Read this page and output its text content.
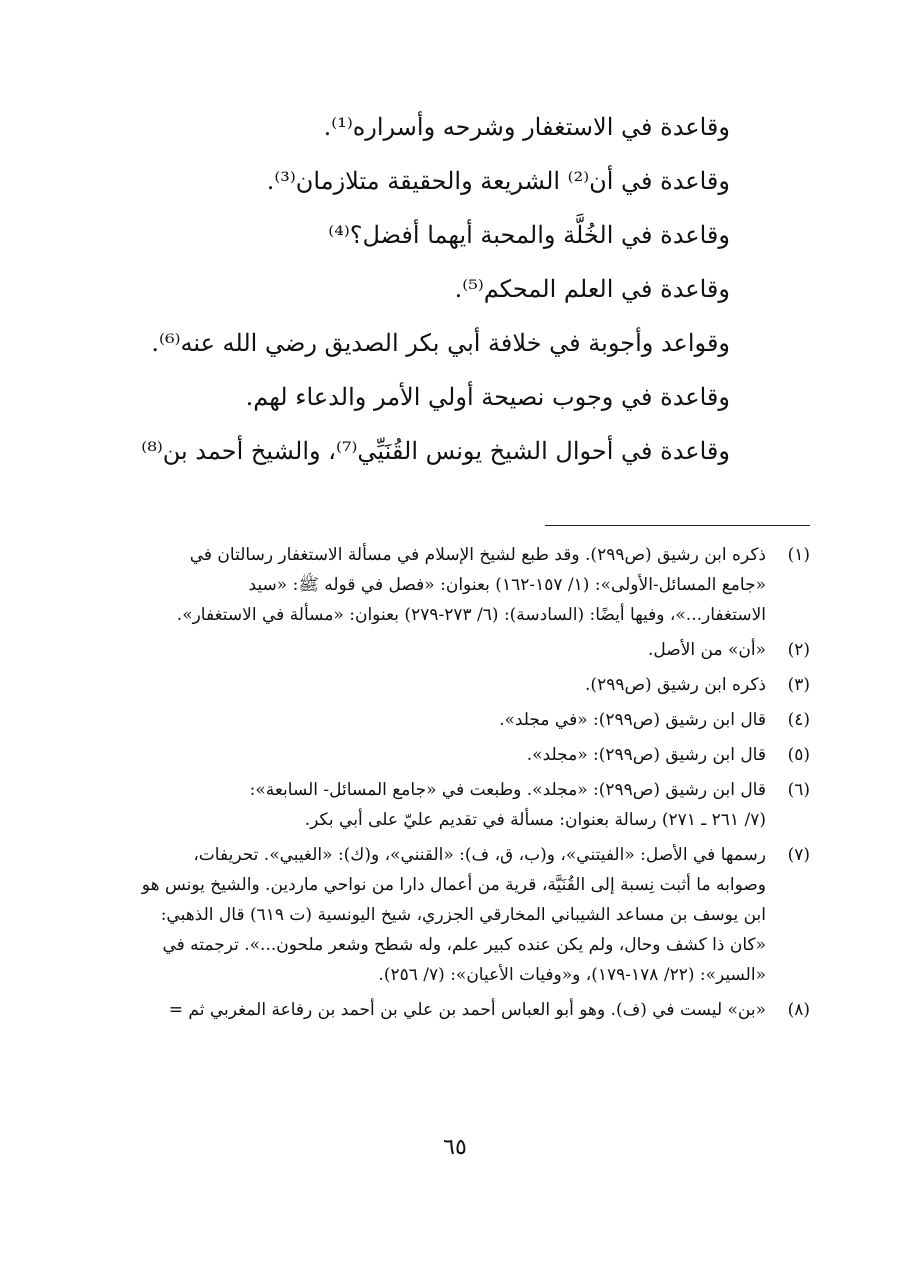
وقاعدة في الاستغفار وشرحه وأسراره⁽¹⁾.
وقاعدة في أن⁽²⁾ الشريعة والحقيقة متلازمان⁽³⁾.
وقاعدة في الخُلَّة والمحبة أيهما أفضل؟⁽⁴⁾
وقاعدة في العلم المحكم⁽⁵⁾.
وقواعد وأجوبة في خلافة أبي بكر الصديق رضي الله عنه⁽⁶⁾.
وقاعدة في وجوب نصيحة أولي الأمر والدعاء لهم.
وقاعدة في أحوال الشيخ يونس القُنَيِّي⁽⁷⁾، والشيخ أحمد بن⁽⁸⁾
(١)
ذكره ابن رشيق (ص٢٩٩). وقد طبع لشيخ الإسلام في مسألة الاستغفار رسالتان في
«جامع المسائل-الأولى»: (١/ ١٥٧-١٦٢) بعنوان: «فصل في قوله ﷺ: «سيد
الاستغفار...»، وفيها أيضًا: (السادسة): (٦/ ٢٧٣-٢٧٩) بعنوان: «مسألة في الاستغفار».
(٢)
«أن» من الأصل.
(٣)
ذكره ابن رشيق (ص٢٩٩).
(٤)
قال ابن رشيق (ص٢٩٩): «في مجلد».
(٥)
قال ابن رشيق (ص٢٩٩): «مجلد».
(٦)
قال ابن رشيق (ص٢٩٩): «مجلد». وطبعت في «جامع المسائل- السابعة»:
(٧/ ٢٦١ ـ ٢٧١) رسالة بعنوان: مسألة في تقديم عليّ على أبي بكر.
(٧)
رسمها في الأصل: «الفيتني»، و(ب، ق، ف): «القنني»، و(ك): «الغيبي». تحريفات،
وصوابه ما أثبت نِسبة إلى القُنَيَّة، قرية من أعمال دارا من نواحي ماردين. والشيخ يونس هو
ابن يوسف بن مساعد الشيباني المخارقي الجزري، شيخ اليونسية (ت ٦١٩) قال الذهبي:
«كان ذا كشف وحال، ولم يكن عنده كبير علم، وله شطح وشعر ملحون...». ترجمته في
«السير»: (٢٢/ ١٧٨-١٧٩)، و«وفيات الأعيان»: (٧/ ٢٥٦).
(٨)
«بن» ليست في (ف). وهو أبو العباس أحمد بن علي بن أحمد بن رفاعة المغربي ثم =
٦٥
